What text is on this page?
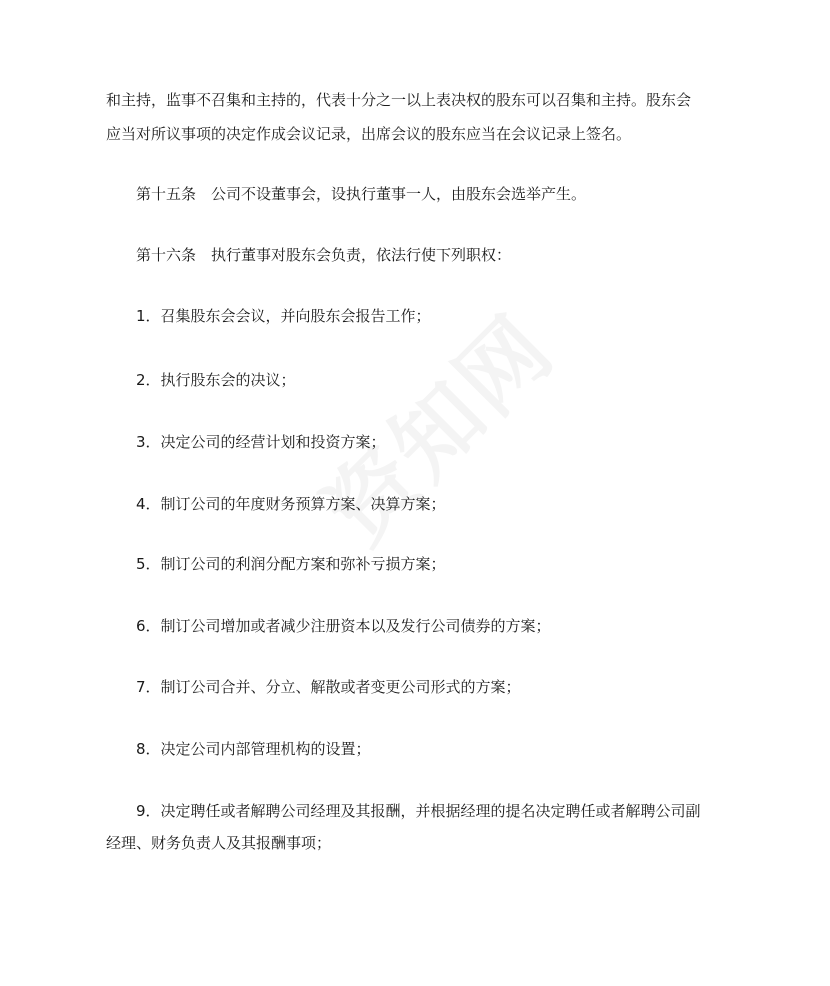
和主持，监事不召集和主持的，代表十分之一以上表决权的股东可以召集和主持。股东会
应当对所议事项的决定作成会议记录，出席会议的股东应当在会议记录上签名。

第十五条　公司不设董事会，设执行董事一人，由股东会选举产生。

第十六条　执行董事对股东会负责，依法行使下列职权：

1．召集股东会会议，并向股东会报告工作；

2．执行股东会的决议；

3．决定公司的经营计划和投资方案；

4．制订公司的年度财务预算方案、决算方案；

5．制订公司的利润分配方案和弥补亏损方案；

6．制订公司增加或者减少注册资本以及发行公司债券的方案；

7．制订公司合并、分立、解散或者变更公司形式的方案；

8．决定公司内部管理机构的设置；

9．决定聘任或者解聘公司经理及其报酬，并根据经理的提名决定聘任或者解聘公司副

经理、财务负责人及其报酬事项；
